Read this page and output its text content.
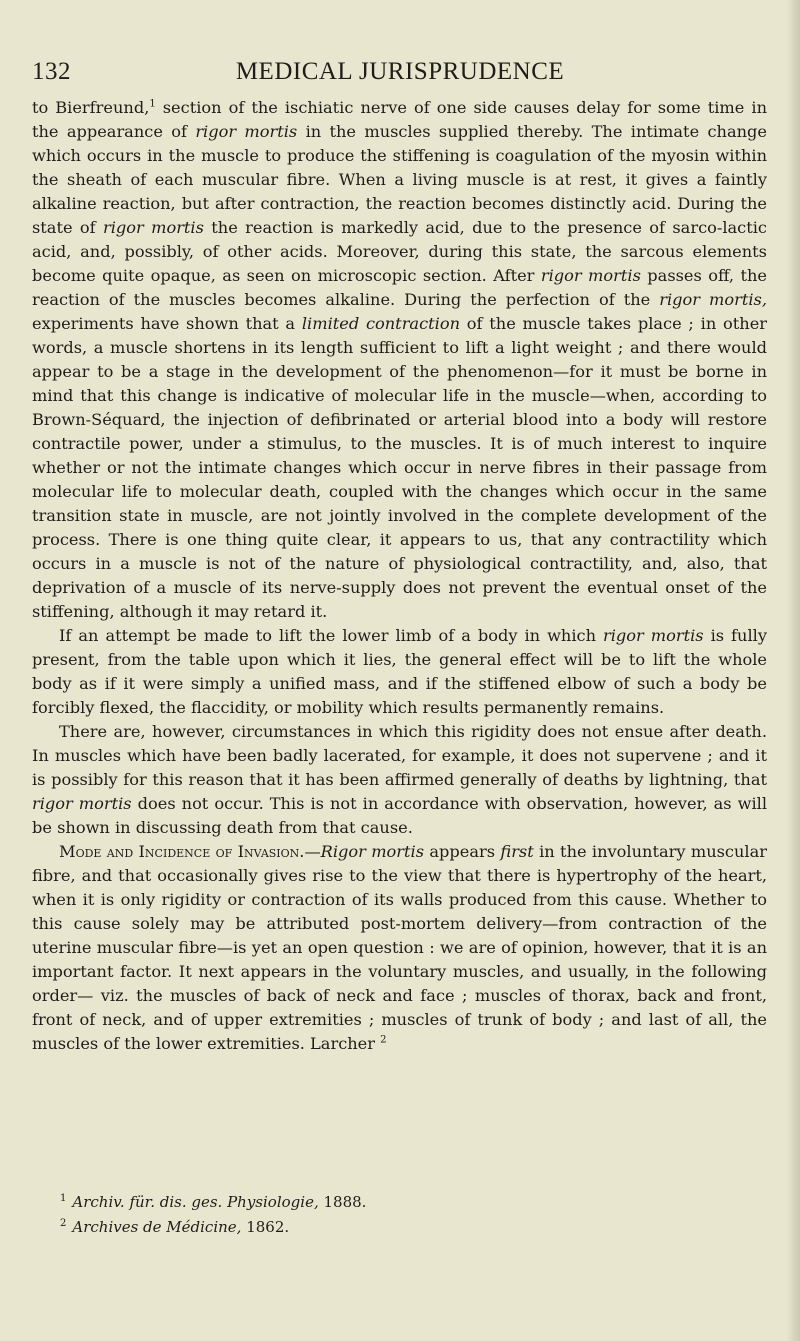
MEDICAL JURISPRUDENCE
132

to Bierfreund,$^1$ section of the ischiatic nerve of one side causes delay for some time in the appearance of rigor mortis in the muscles supplied thereby. The intimate change which occurs in the muscle to produce the stiffening is coagulation of the myosin within the sheath of each muscular fibre. When a living muscle is at rest, it gives a faintly alkaline reaction, but after contraction, the reaction becomes distinctly acid. During the state of rigor mortis the reaction is markedly acid, due to the presence of sarco-lactic acid, and, possibly, of other acids. Moreover, during this state, the sarcous elements become quite opaque, as seen on microscopic section. After rigor mortis passes off, the reaction of the muscles becomes alkaline. During the perfection of the rigor mortis, experiments have shown that a limited contraction of the muscle takes place ; in other words, a muscle shortens in its length sufficient to lift a light weight ; and there would appear to be a stage in the development of the phenomenon—for it must be borne in mind that this change is indicative of molecular life in the muscle—when, according to Brown-Séquard, the injection of defibrinated or arterial blood into a body will restore contractile power, under a stimulus, to the muscles. It is of much interest to inquire whether or not the intimate changes which occur in nerve fibres in their passage from molecular life to molecular death, coupled with the changes which occur in the same transition state in muscle, are not jointly involved in the complete development of the process. There is one thing quite clear, it appears to us, that any contractility which occurs in a muscle is not of the nature of physiological contractility, and, also, that deprivation of a muscle of its nerve-supply does not prevent the eventual onset of the stiffening, although it may retard it.

If an attempt be made to lift the lower limb of a body in which rigor mortis is fully present, from the table upon which it lies, the general effect will be to lift the whole body as if it were simply a unified mass, and if the stiffened elbow of such a body be forcibly flexed, the flaccidity, or mobility which results permanently remains.

There are, however, circumstances in which this rigidity does not ensue after death. In muscles which have been badly lacerated, for example, it does not supervene ; and it is possibly for this reason that it has been affirmed generally of deaths by lightning, that rigor mortis does not occur. This is not in accordance with observation, however, as will be shown in discussing death from that cause.

Mode and Incidence of Invasion.—Rigor mortis appears first in the involuntary muscular fibre, and that occasionally gives rise to the view that there is hypertrophy of the heart, when it is only rigidity or contraction of its walls produced from this cause. Whether to this cause solely may be attributed post-mortem delivery—from contraction of the uterine muscular fibre—is yet an open question : we are of opinion, however, that it is an important factor. It next appears in the voluntary muscles, and usually, in the following order— viz. the muscles of back of neck and face ; muscles of thorax, back and front, front of neck, and of upper extremities ; muscles of trunk of body ; and last of all, the muscles of the lower extremities. Larcher $^2$

$^1$ Archiv. für. dis. ges. Physiologie, 1888.

$^2$ Archives de Médicine, 1862.
